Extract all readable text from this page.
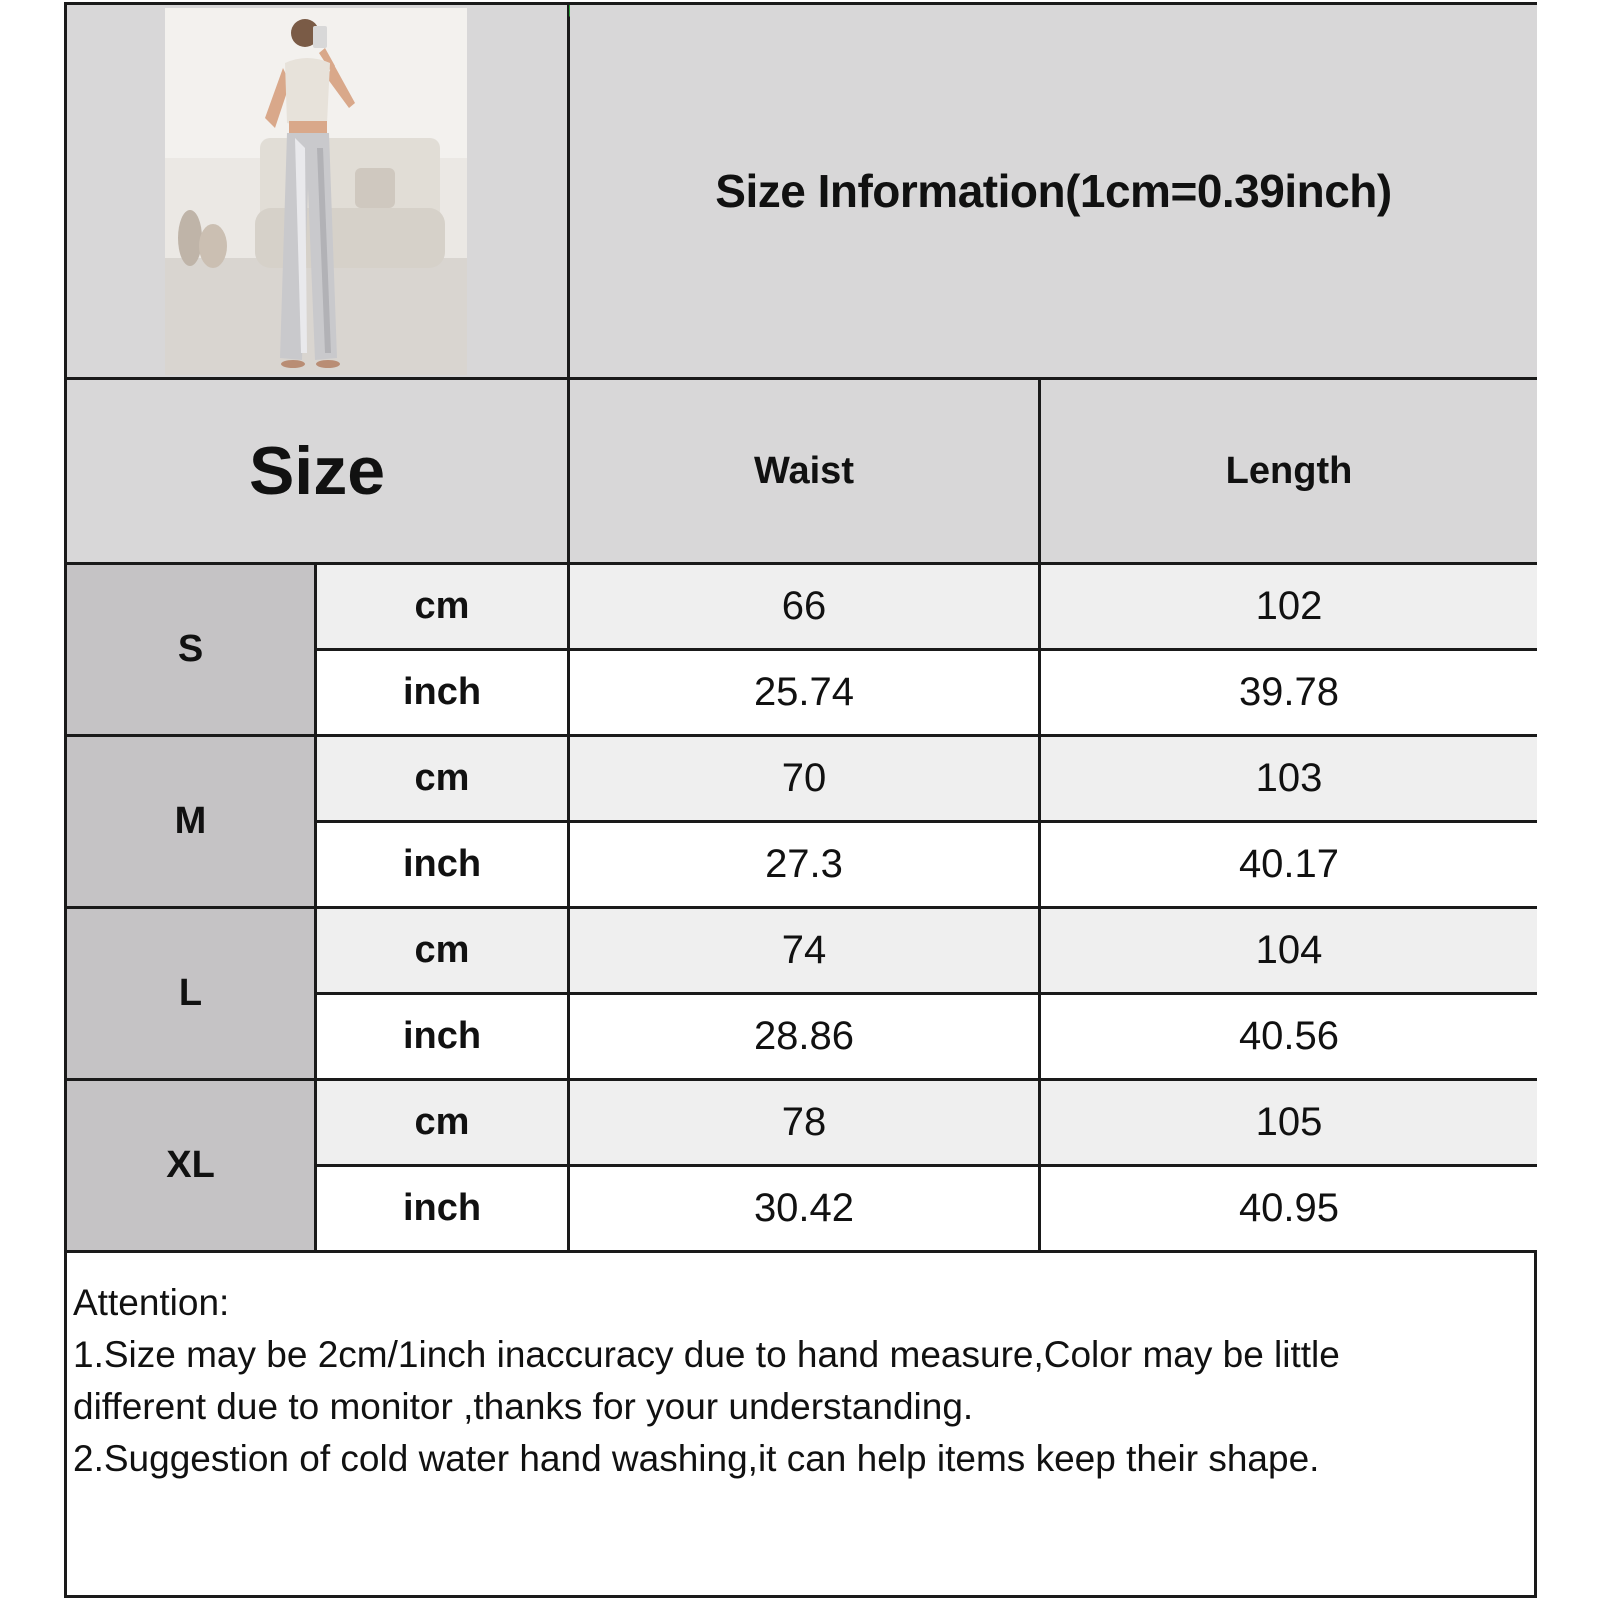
Size Information(1cm=0.39inch)
Size	Waist	Length
S
cm	66	102
inch	25.74	39.78
M
cm	70	103
inch	27.3	40.17
L
cm	74	104
inch	28.86	40.56
XL
cm	78	105
inch	30.42	40.95
Attention:
1.Size may be 2cm/1inch inaccuracy due to hand measure,Color may be little
different due to monitor ,thanks for your understanding.
2.Suggestion of cold water hand washing,it can help items keep their shape.
